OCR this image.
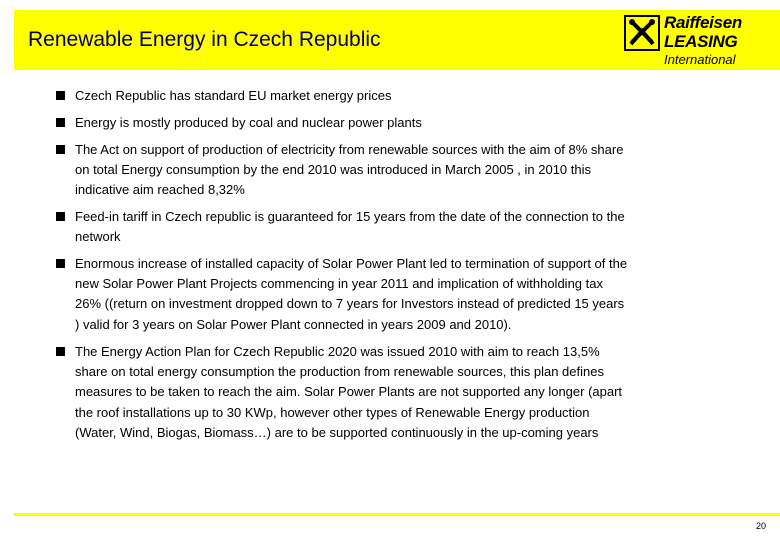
Renewable Energy in Czech Republic
Raiffeisen
LEASING
International
Czech Republic has standard EU market energy prices
Energy is mostly produced by coal and nuclear power plants
The Act on support of production of electricity from renewable sources with the aim of 8% share
on total Energy consumption by the end 2010 was introduced in March 2005 , in 2010 this
indicative aim reached 8,32%
Feed-in tariff in Czech republic is guaranteed for 15 years from the date of the connection to the
network
Enormous increase of installed capacity of Solar Power Plant led to termination of support of the
new Solar Power Plant Projects commencing in year 2011 and implication of withholding tax
26% ((return on investment dropped down to 7 years for Investors instead of predicted 15 years
) valid for 3 years on Solar Power Plant connected in years 2009 and 2010).
The Energy Action Plan for Czech Republic 2020 was issued 2010 with aim to reach 13,5%
share on total energy consumption the production from renewable sources, this plan defines
measures to be taken to reach the aim. Solar Power Plants are not supported any longer (apart
the roof installations up to 30 KWp, however other types of Renewable Energy production
(Water, Wind, Biogas, Biomass…) are to be supported continuously in the up-coming years
20
